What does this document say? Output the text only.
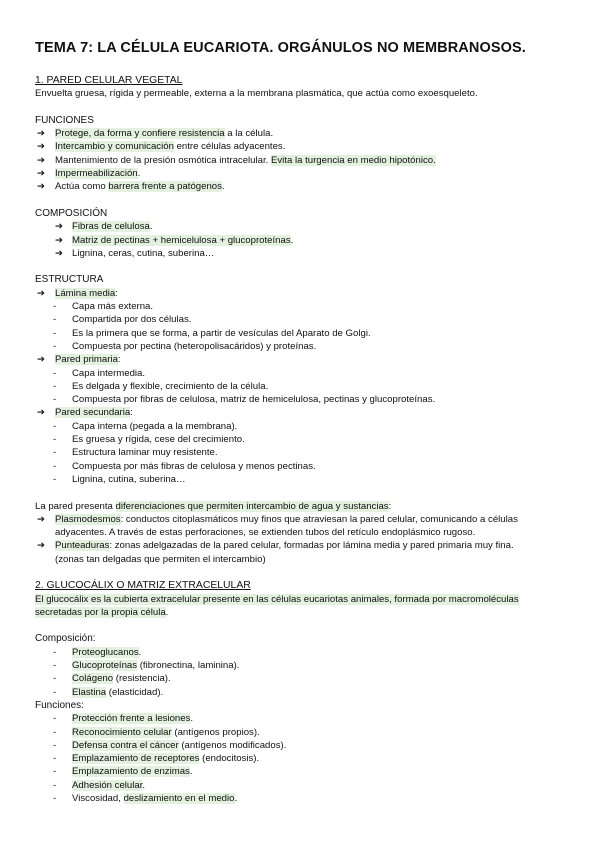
TEMA 7: LA CÉLULA EUCARIOTA. ORGÁNULOS NO MEMBRANOSOS.
1. PARED CELULAR VEGETAL
Envuelta gruesa, rígida y permeable, externa a la membrana plasmática, que actúa como exoesqueleto.
FUNCIONES
➔ Protege, da forma y confiere resistencia a la célula.
➔ Intercambio y comunicación entre células adyacentes.
➔ Mantenimiento de la presión osmótica intracelular. Evita la turgencia en medio hipotónico.
➔ Impermeabilización.
➔ Actúa como barrera frente a patógenos.
COMPOSICIÓN
➔ Fibras de celulosa.
➔ Matriz de pectinas + hemicelulosa + glucoproteínas.
➔ Lignina, ceras, cutina, suberina…
ESTRUCTURA
➔ Lámina media:
- Capa más externa.
- Compartida por dos células.
- Es la primera que se forma, a partir de vesículas del Aparato de Golgi.
- Compuesta por pectina (heteropolisacáridos) y proteínas.
➔ Pared primaria:
- Capa intermedia.
- Es delgada y flexible, crecimiento de la célula.
- Compuesta por fibras de celulosa, matriz de hemicelulosa, pectinas y glucoproteínas.
➔ Pared secundaria:
- Capa interna (pegada a la membrana).
- Es gruesa y rígida, cese del crecimiento.
- Estructura laminar muy resistente.
- Compuesta por más fibras de celulosa y menos pectinas.
- Lignina, cutina, suberina…
La pared presenta diferenciaciones que permiten intercambio de agua y sustancias:
➔ Plasmodesmos: conductos citoplasmáticos muy finos que atraviesan la pared celular, comunicando a células
adyacentes. A través de estas perforaciones, se extienden tubos del retículo endoplásmico rugoso.
➔ Punteaduras: zonas adelgazadas de la pared celular, formadas por lámina media y pared primaria muy fina.
(zonas tan delgadas que permiten el intercambio)
2. GLUCOCÁLIX O MATRIZ EXTRACELULAR
El glucocálix es la cubierta extracelular presente en las células eucariotas animales, formada por macromoléculas
secretadas por la propia célula.
Composición:
- Proteoglucanos.
- Glucoproteínas (fibronectina, laminina).
- Colágeno (resistencia).
- Elastina (elasticidad).
Funciones:
- Protección frente a lesiones.
- Reconocimiento celular (antígenos propios).
- Defensa contra el cáncer (antígenos modificados).
- Emplazamiento de receptores (endocitosis).
- Emplazamiento de enzimas.
- Adhesión celular.
- Viscosidad, deslizamiento en el medio.
